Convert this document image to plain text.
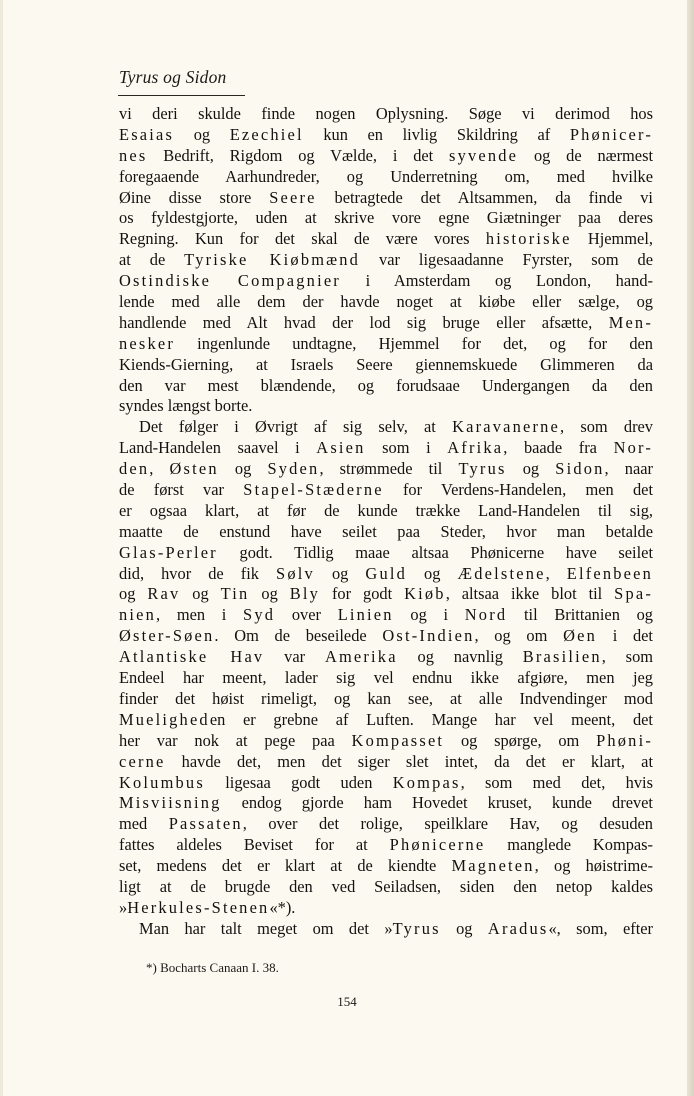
Tyrus og Sidon
vi deri skulde finde nogen Oplysning. Søge vi derimod hos
Esaias og Ezechiel kun en livlig Skildring af Phønicer-
nes Bedrift, Rigdom og Vælde, i det syvende og de nærmest
foregaaende Aarhundreder, og Underretning om, med hvilke
Øine disse store Seere betragtede det Altsammen, da finde vi
os fyldestgjorte, uden at skrive vore egne Giætninger paa deres
Regning. Kun for det skal de være vores historiske Hjemmel,
at de Tyriske Kiøbmænd var ligesaadanne Fyrster, som de
Ostindiske Compagnier i Amsterdam og London, hand-
lende med alle dem der havde noget at kiøbe eller sælge, og
handlende med Alt hvad der lod sig bruge eller afsætte, Men-
nesker ingenlunde undtagne, Hjemmel for det, og for den
Kiends-Gierning, at Israels Seere giennemskuede Glimmeren da
den var mest blændende, og forudsaae Undergangen da den
syndes længst borte.
Det følger i Øvrigt af sig selv, at Karavanerne, som drev
Land-Handelen saavel i Asien som i Afrika, baade fra Nor-
den, Østen og Syden, strømmede til Tyrus og Sidon, naar
de først var Stapel-Stæderne for Verdens-Handelen, men det
er ogsaa klart, at før de kunde trække Land-Handelen til sig,
maatte de enstund have seilet paa Steder, hvor man betalde
Glas-Perler godt. Tidlig maae altsaa Phønicerne have seilet
did, hvor de fik Sølv og Guld og Ædelstene, Elfenbeen
og Rav og Tin og Bly for godt Kiøb, altsaa ikke blot til Spa-
nien, men i Syd over Linien og i Nord til Brittanien og
Øster-Søen. Om de beseilede Ost-Indien, og om Øen i det
Atlantiske Hav var Amerika og navnlig Brasilien, som
Endeel har meent, lader sig vel endnu ikke afgiøre, men jeg
finder det høist rimeligt, og kan see, at alle Indvendinger mod
Mueligheden er grebne af Luften. Mange har vel meent, det
her var nok at pege paa Kompasset og spørge, om Phøni-
cerne havde det, men det siger slet intet, da det er klart, at
Kolumbus ligesaa godt uden Kompas, som med det, hvis
Misviisning endog gjorde ham Hovedet kruset, kunde drevet
med Passaten, over det rolige, speilklare Hav, og desuden
fattes aldeles Beviset for at Phønicerne manglede Kompas-
set, medens det er klart at de kiendte Magneten, og høistrime-
ligt at de brugde den ved Seiladsen, siden den netop kaldes
»Herkules-Stenen«*).
Man har talt meget om det »Tyrus og Aradus«, som, efter
*) Bocharts Canaan I. 38.
154
